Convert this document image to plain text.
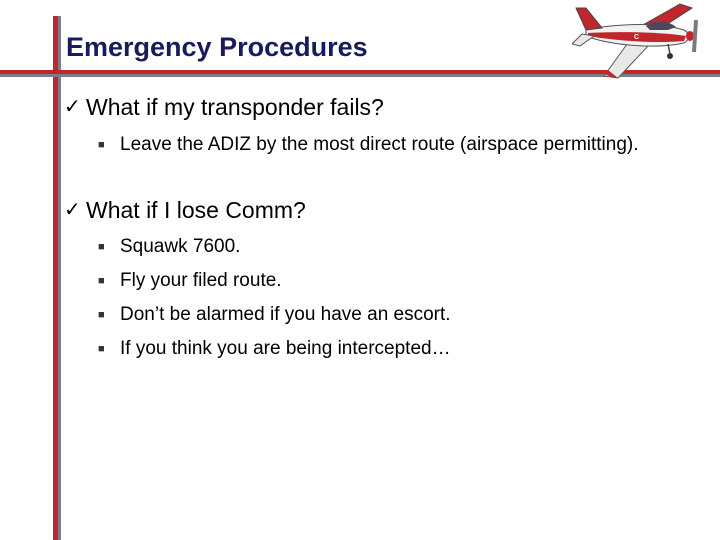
Emergency Procedures	C
✓ What if my transponder fails?
■ Leave the ADIZ by the most direct route (airspace permitting).
✓ What if I lose Comm?
■ Squawk 7600.
■ Fly your filed route.
■ Don’t be alarmed if you have an escort.
■ If you think you are being intercepted…
